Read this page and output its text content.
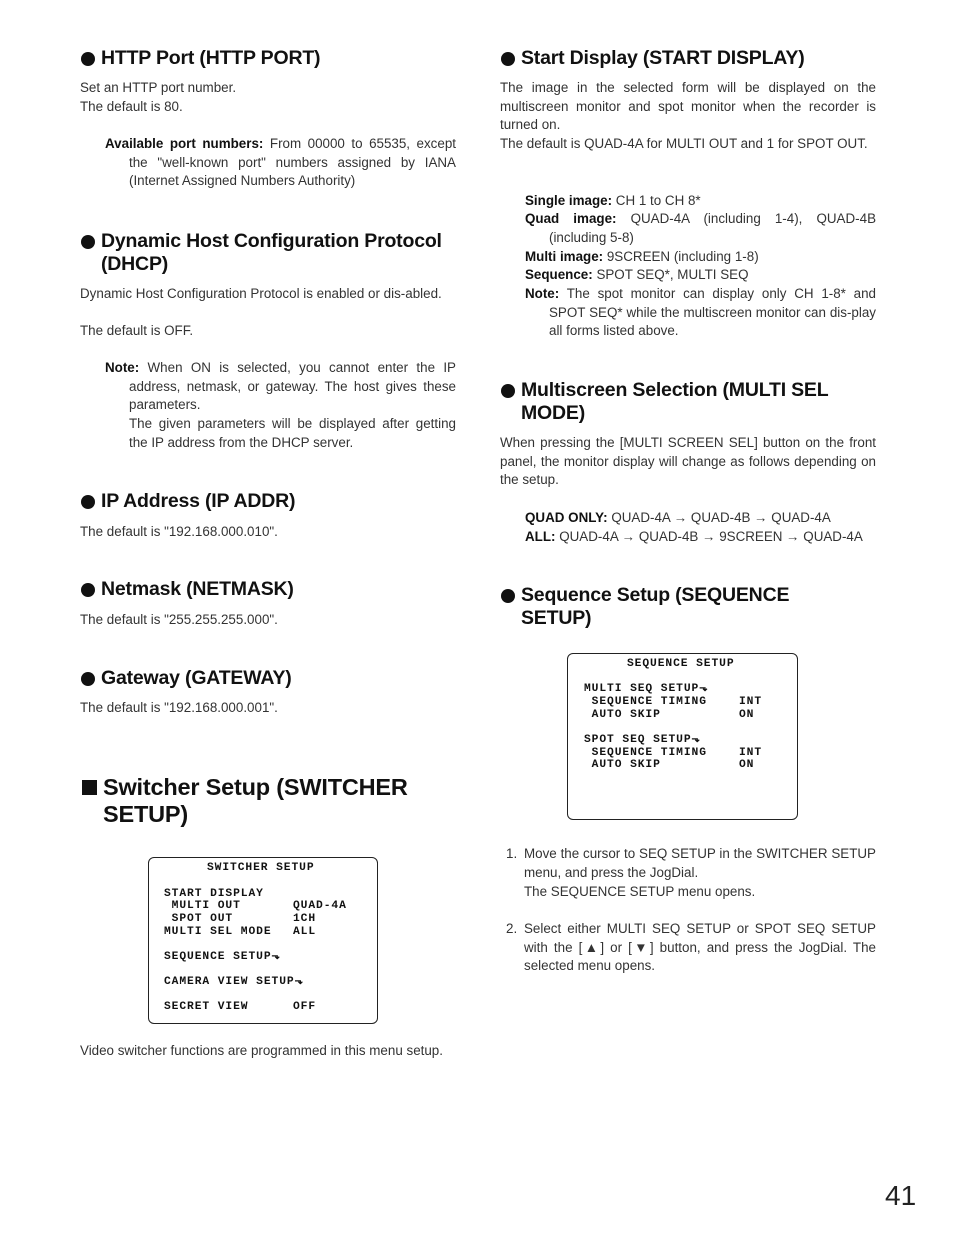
HTTP Port (HTTP PORT)

Set an HTTP port number.

The default is 80.

Available port numbers: From 00000 to 65535, except the "well-known port" numbers assigned by IANA (Internet Assigned Numbers Authority)

Dynamic Host Configuration Protocol (DHCP)

Dynamic Host Configuration Protocol is enabled or dis-abled.

The default is OFF.

Note: When ON is selected, you cannot enter the IP address, netmask, or gateway. The host gives these parameters.

The given parameters will be displayed after getting the IP address from the DHCP server.

IP Address (IP ADDR)

The default is "192.168.000.010".

Netmask (NETMASK)

The default is "255.255.255.000".

Gateway (GATEWAY)

The default is "192.168.000.001".

Switcher Setup (SWITCHER SETUP)
SWITCHER SETUP
START DISPLAY
MULTI OUT	QUAD-4A
SPOT OUT	1CH
MULTI SEL MODE ALL
SEQUENCE SETUP⬎
CAMERA VIEW SETUP⬎
SECRET VIEW	OFF

Video switcher functions are programmed in this menu setup.

Start Display (START DISPLAY)

The image in the selected form will be displayed on the multiscreen monitor and spot monitor when the recorder is turned on.

The default is QUAD-4A for MULTI OUT and 1 for SPOT OUT.

Single image: CH 1 to CH 8*

Quad image: QUAD-4A (including 1-4), QUAD-4B (including 5-8)

Multi image: 9SCREEN (including 1-8)

Sequence: SPOT SEQ*, MULTI SEQ

Note: The spot monitor can display only CH 1-8* and SPOT SEQ* while the multiscreen monitor can dis-play all forms listed above.

Multiscreen Selection (MULTI SEL MODE)

When pressing the [MULTI SCREEN SEL] button on the front panel, the monitor display will change as follows depending on the setup.

QUAD ONLY: QUAD-4A → QUAD-4B → QUAD-4A

ALL: QUAD-4A → QUAD-4B → 9SCREEN → QUAD-4A

Sequence Setup (SEQUENCE SETUP)
SEQUENCE SETUP
MULTI SEQ SETUP⬎
SEQUENCE TIMING	INT
AUTO SKIP	ON
SPOT SEQ SETUP⬎
SEQUENCE TIMING	INT
AUTO SKIP	ON

1. Move the cursor to SEQ SETUP in the SWITCHER SETUP menu, and press the JogDial.

The SEQUENCE SETUP menu opens.

2. Select either MULTI SEQ SETUP or SPOT SEQ SETUP with the [▲] or [▼] button, and press the JogDial. The selected menu opens.

41
